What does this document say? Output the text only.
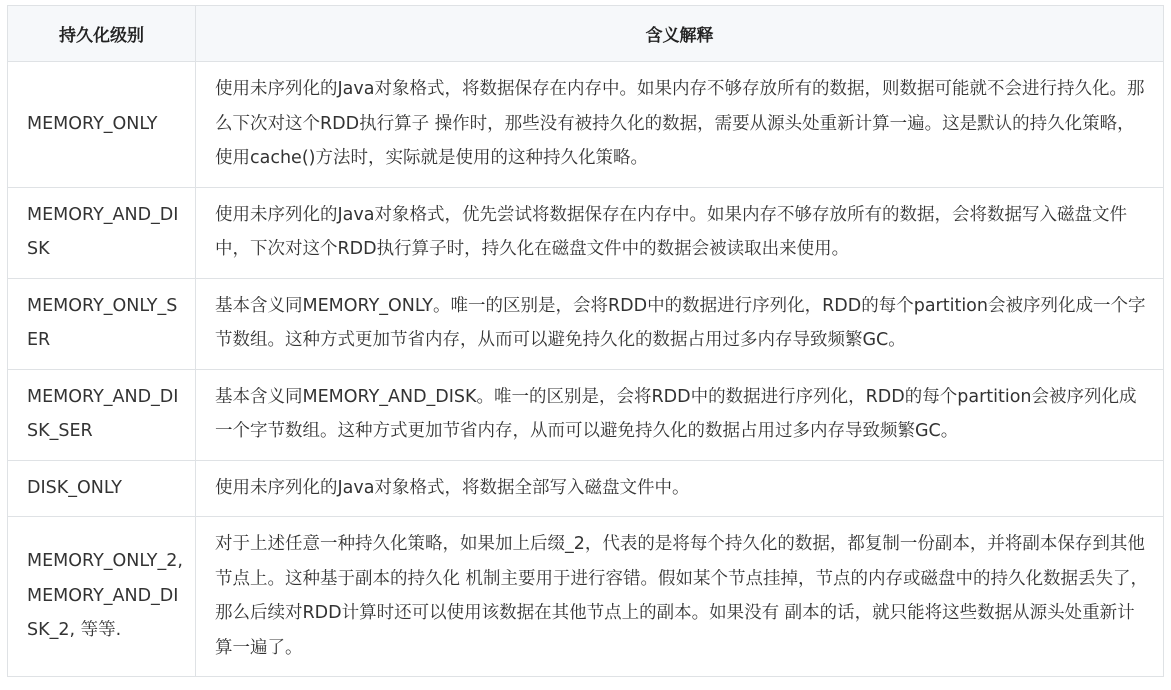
持久化级别	含义解释
MEMORY_ONLY	使用未序列化的Java对象格式，将数据保存在内存中。如果内存不够存放所有的数据，则数据可能就不会进行持久化。那么下次对这个RDD执行算子 操作时，那些没有被持久化的数据，需要从源头处重新计算一遍。这是默认的持久化策略，使用cache()方法时，实际就是使用的这种持久化策略。
MEMORY_AND_DISK	使用未序列化的Java对象格式，优先尝试将数据保存在内存中。如果内存不够存放所有的数据，会将数据写入磁盘文件中，下次对这个RDD执行算子时，持久化在磁盘文件中的数据会被读取出来使用。
MEMORY_ONLY_SER	基本含义同MEMORY_ONLY。唯一的区别是，会将RDD中的数据进行序列化，RDD的每个partition会被序列化成一个字节数组。这种方式更加节省内存，从而可以避免持久化的数据占用过多内存导致频繁GC。
MEMORY_AND_DISK_SER	基本含义同MEMORY_AND_DISK。唯一的区别是，会将RDD中的数据进行序列化，RDD的每个partition会被序列化成一个字节数组。这种方式更加节省内存，从而可以避免持久化的数据占用过多内存导致频繁GC。
DISK_ONLY	使用未序列化的Java对象格式，将数据全部写入磁盘文件中。
MEMORY_ONLY_2, MEMORY_AND_DISK_2, 等等.	对于上述任意一种持久化策略，如果加上后缀_2，代表的是将每个持久化的数据，都复制一份副本，并将副本保存到其他节点上。这种基于副本的持久化 机制主要用于进行容错。假如某个节点挂掉，节点的内存或磁盘中的持久化数据丢失了，那么后续对RDD计算时还可以使用该数据在其他节点上的副本。如果没有 副本的话，就只能将这些数据从源头处重新计算一遍了。
